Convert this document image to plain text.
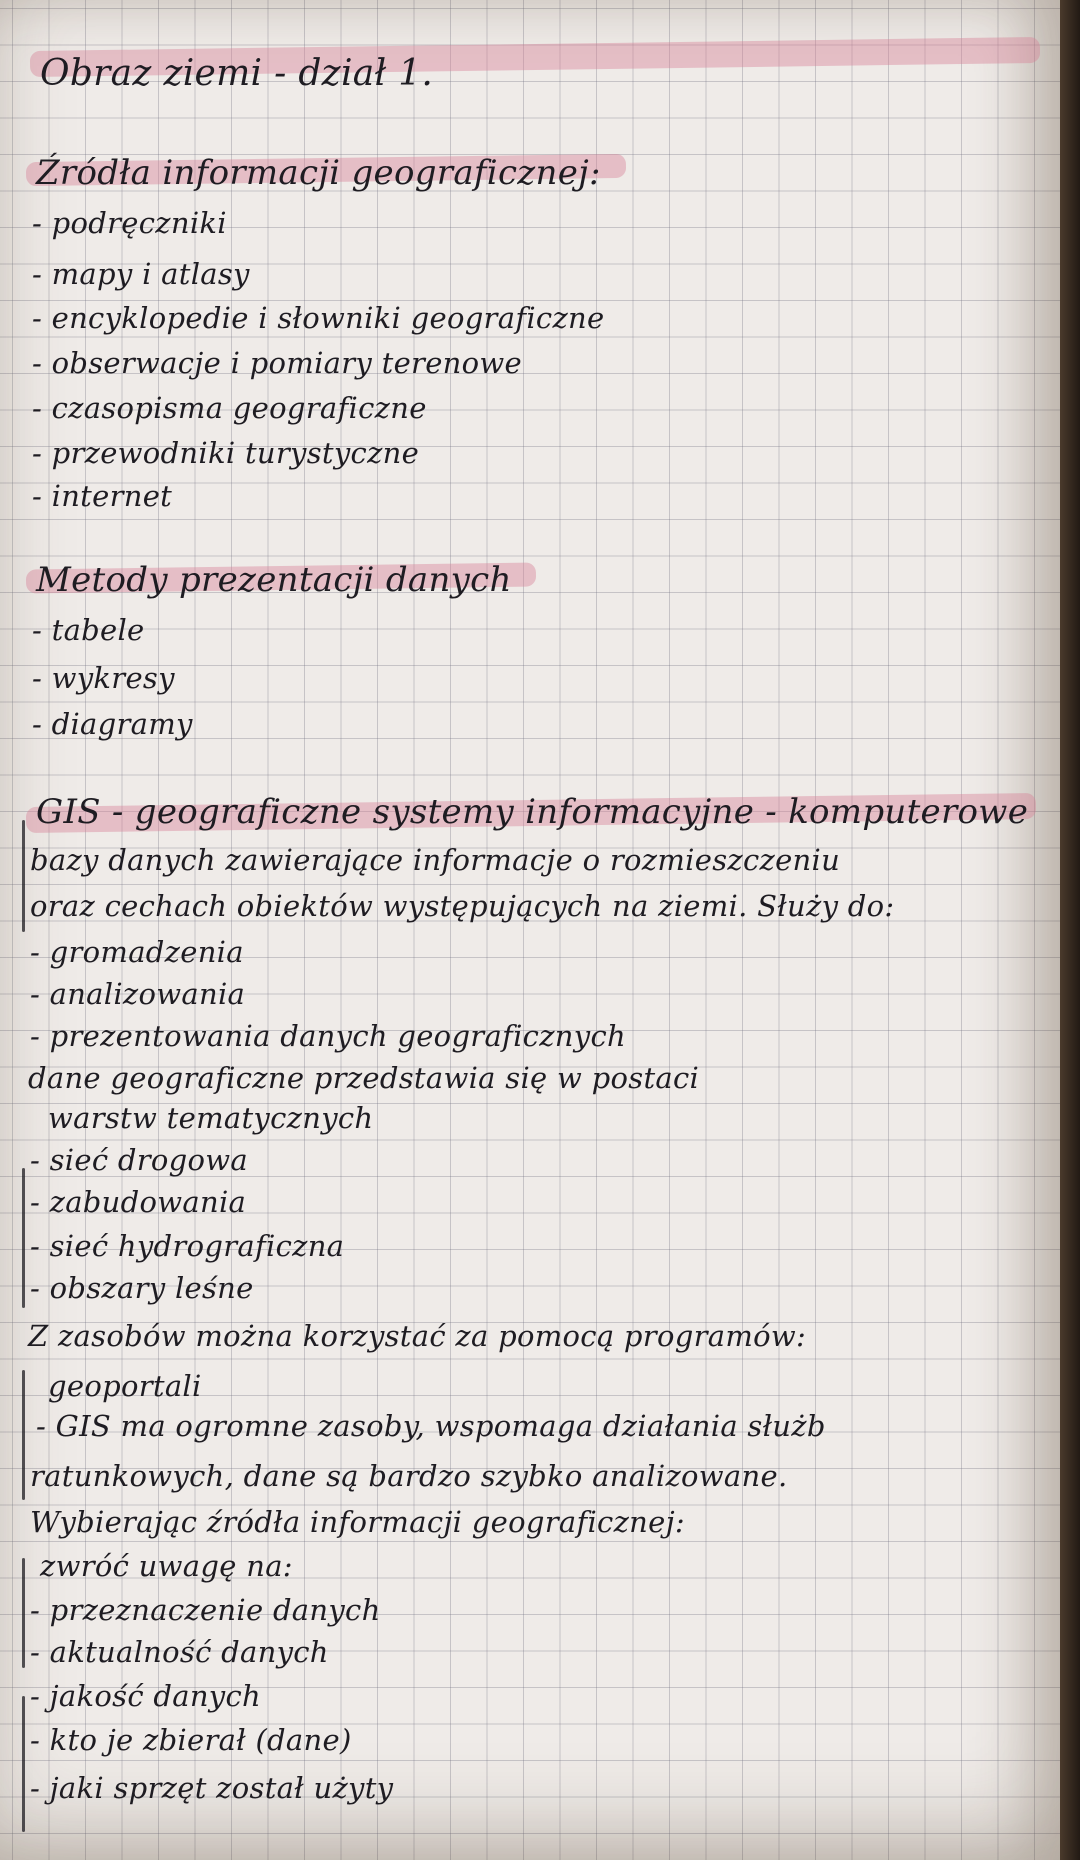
Obraz ziemi - dział 1.
Źródła informacji geograficznej:
- podręczniki
- mapy i atlasy
- encyklopedie i słowniki geograficzne
- obserwacje i pomiary terenowe
- czasopisma geograficzne
- przewodniki turystyczne
- internet
Metody prezentacji danych
- tabele
- wykresy
- diagramy
GIS - geograficzne systemy informacyjne - komputerowe
bazy danych zawierające informacje o rozmieszczeniu
oraz cechach obiektów występujących na ziemi. Służy do:
- gromadzenia
- analizowania
- prezentowania danych geograficznych
dane geograficzne przedstawia się w postaci
warstw tematycznych
- sieć drogowa
- zabudowania
- sieć hydrograficzna
- obszary leśne
Z zasobów można korzystać za pomocą programów:
geoportali
- GIS ma ogromne zasoby, wspomaga działania służb
ratunkowych, dane są bardzo szybko analizowane.
Wybierając źródła informacji geograficznej:
zwróć uwagę na:
- przeznaczenie danych
- aktualność danych
- jakość danych
- kto je zbierał (dane)
- jaki sprzęt został użyty
